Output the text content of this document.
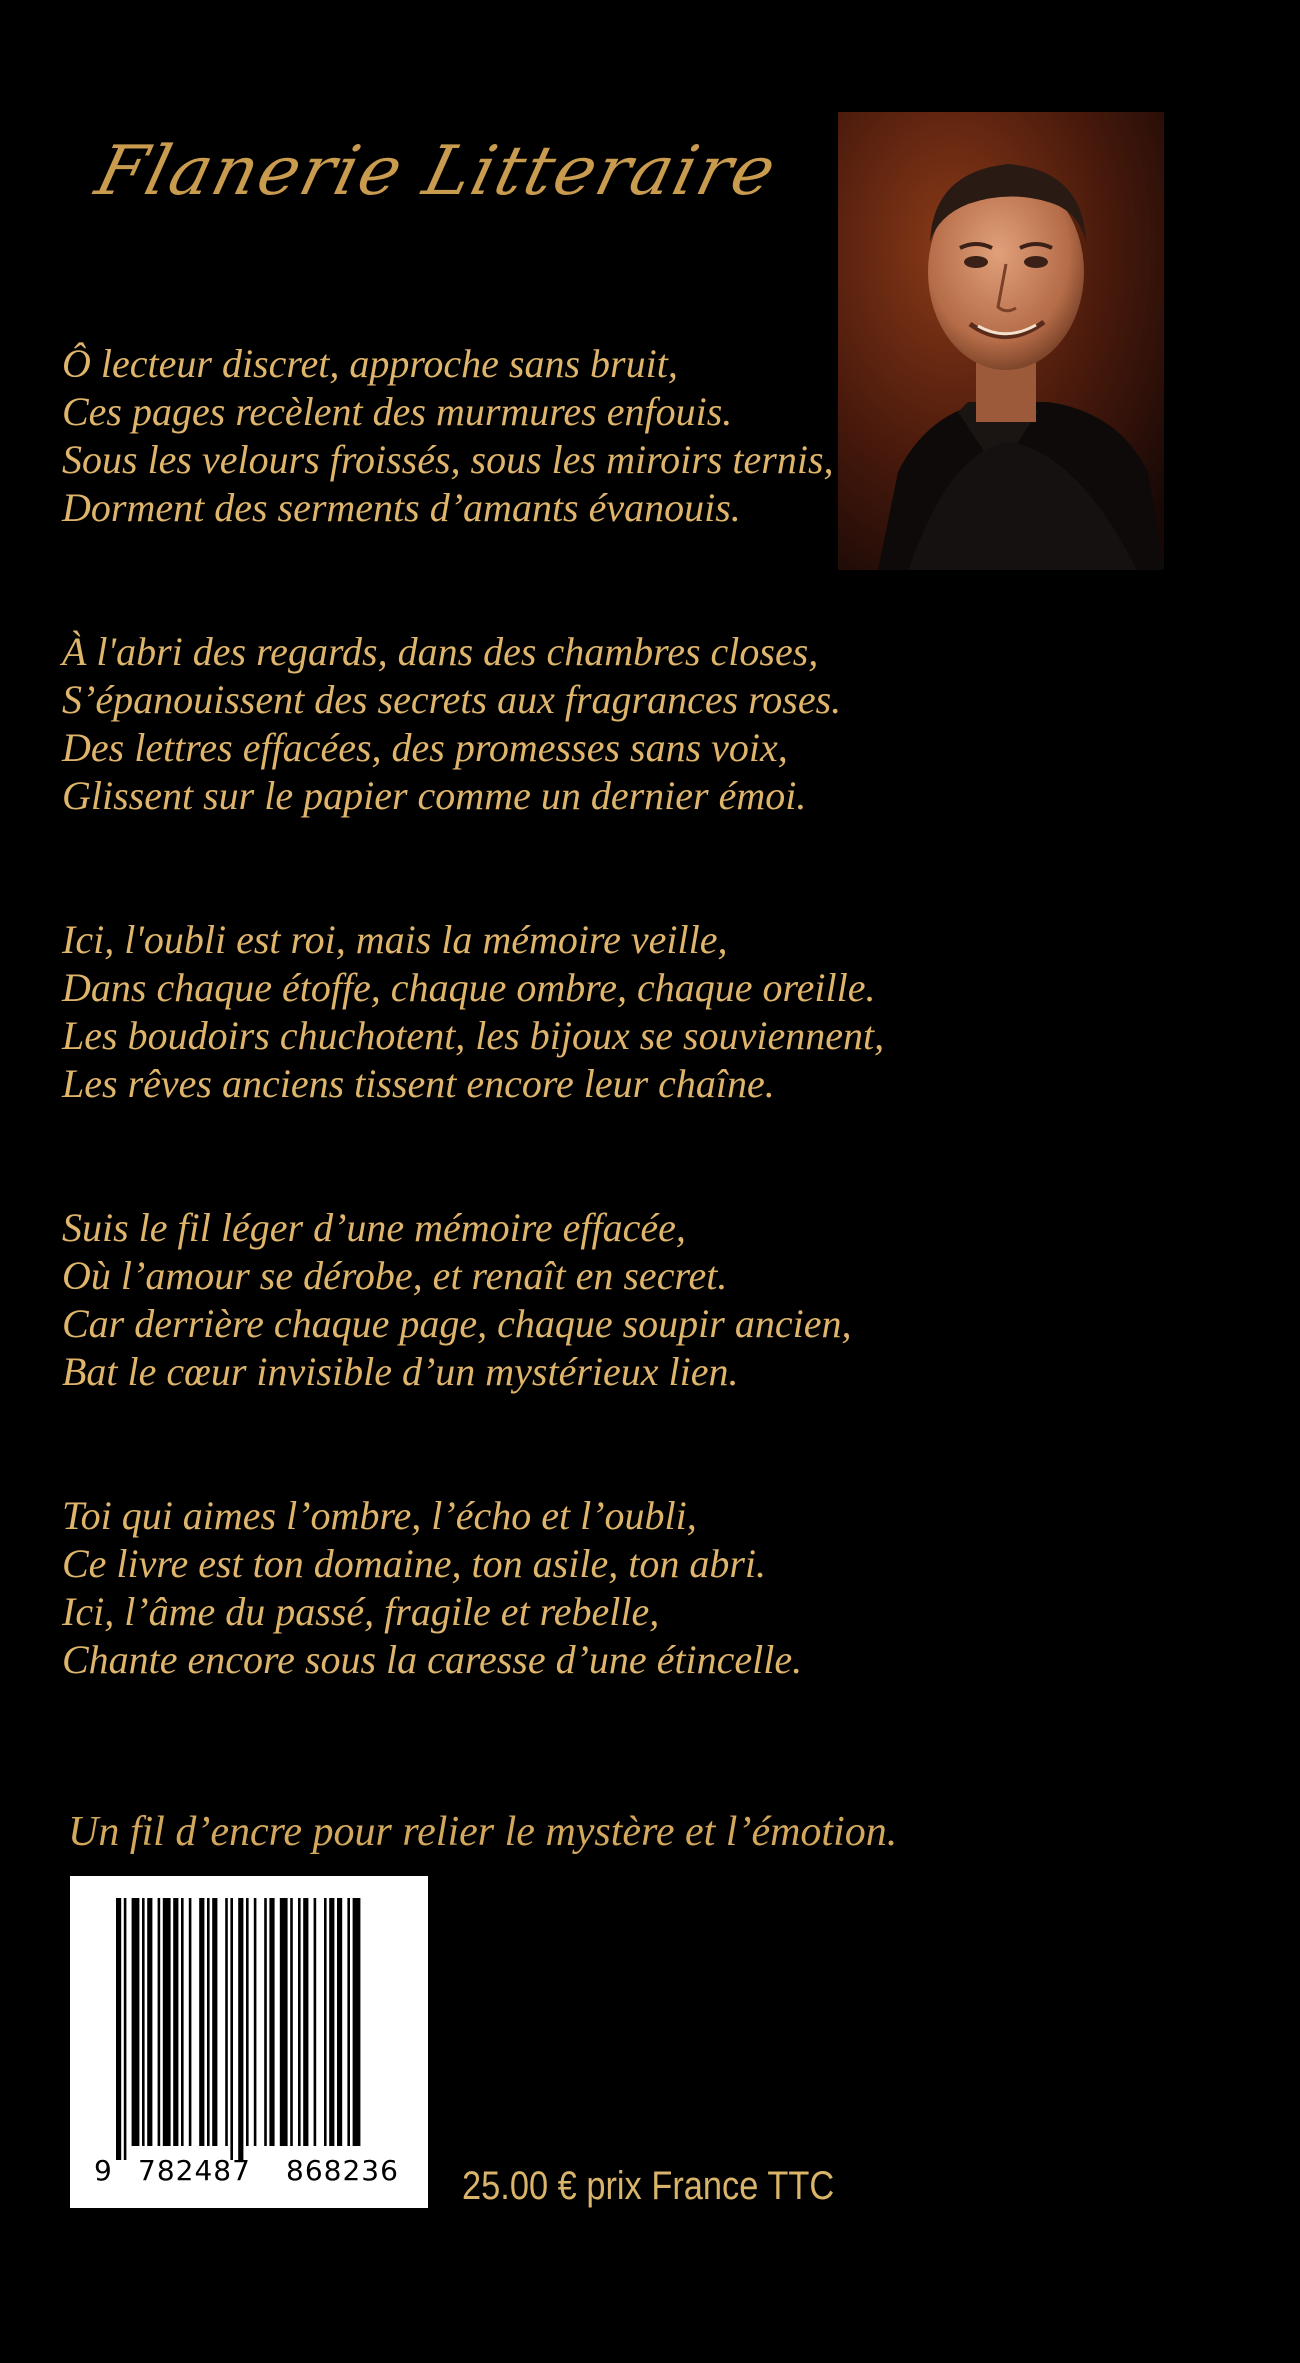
Flanerie Litteraire
Ô lecteur discret, approche sans bruit,
Ces pages recèlent des murmures enfouis.
Sous les velours froissés, sous les miroirs ternis,
Dorment des serments d’amants évanouis.
À l'abri des regards, dans des chambres closes,
S’épanouissent des secrets aux fragrances roses.
Des lettres effacées, des promesses sans voix,
Glissent sur le papier comme un dernier émoi.
Ici, l'oubli est roi, mais la mémoire veille,
Dans chaque étoffe, chaque ombre, chaque oreille.
Les boudoirs chuchotent, les bijoux se souviennent,
Les rêves anciens tissent encore leur chaîne.
Suis le fil léger d’une mémoire effacée,
Où l’amour se dérobe, et renaît en secret.
Car derrière chaque page, chaque soupir ancien,
Bat le cœur invisible d’un mystérieux lien.
Toi qui aimes l’ombre, l’écho et l’oubli,
Ce livre est ton domaine, ton asile, ton abri.
Ici, l’âme du passé, fragile et rebelle,
Chante encore sous la caresse d’une étincelle.
Un fil d’encre pour relier le mystère et l’émotion.
9 782487 868236 25.00 € prix France TTC
